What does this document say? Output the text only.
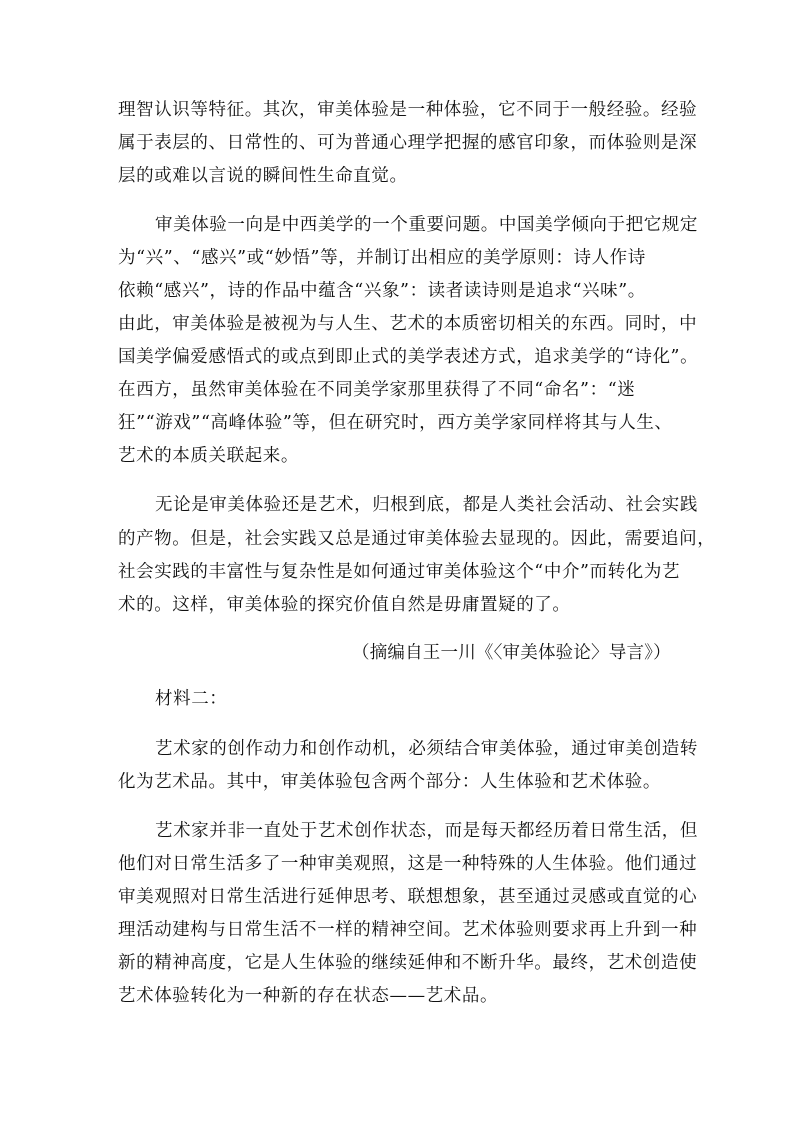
理智认识等特征。其次，审美体验是一种体验，它不同于一般经验。经验
属于表层的、日常性的、可为普通心理学把握的感官印象，而体验则是深
层的或难以言说的瞬间性生命直觉。
审美体验一向是中西美学的一个重要问题。中国美学倾向于把它规定
为“兴”、“感兴”或“妙悟”等，并制订出相应的美学原则：诗人作诗
依赖“感兴”，诗的作品中蕴含“兴象”：读者读诗则是追求“兴味”。
由此，审美体验是被视为与人生、艺术的本质密切相关的东西。同时，中
国美学偏爱感悟式的或点到即止式的美学表述方式，追求美学的“诗化”。
在西方，虽然审美体验在不同美学家那里获得了不同“命名”：“迷
狂”“游戏”“高峰体验”等，但在研究时，西方美学家同样将其与人生、
艺术的本质关联起来。
无论是审美体验还是艺术，归根到底，都是人类社会活动、社会实践
的产物。但是，社会实践又总是通过审美体验去显现的。因此，需要追问，
社会实践的丰富性与复杂性是如何通过审美体验这个“中介”而转化为艺
术的。这样，审美体验的探究价值自然是毋庸置疑的了。
（摘编自王一川《〈审美体验论〉导言》）
材料二：
艺术家的创作动力和创作动机，必须结合审美体验，通过审美创造转
化为艺术品。其中，审美体验包含两个部分：人生体验和艺术体验。
艺术家并非一直处于艺术创作状态，而是每天都经历着日常生活，但
他们对日常生活多了一种审美观照，这是一种特殊的人生体验。他们通过
审美观照对日常生活进行延伸思考、联想想象，甚至通过灵感或直觉的心
理活动建构与日常生活不一样的精神空间。艺术体验则要求再上升到一种
新的精神高度，它是人生体验的继续延伸和不断升华。最终，艺术创造使
艺术体验转化为一种新的存在状态——艺术品。
